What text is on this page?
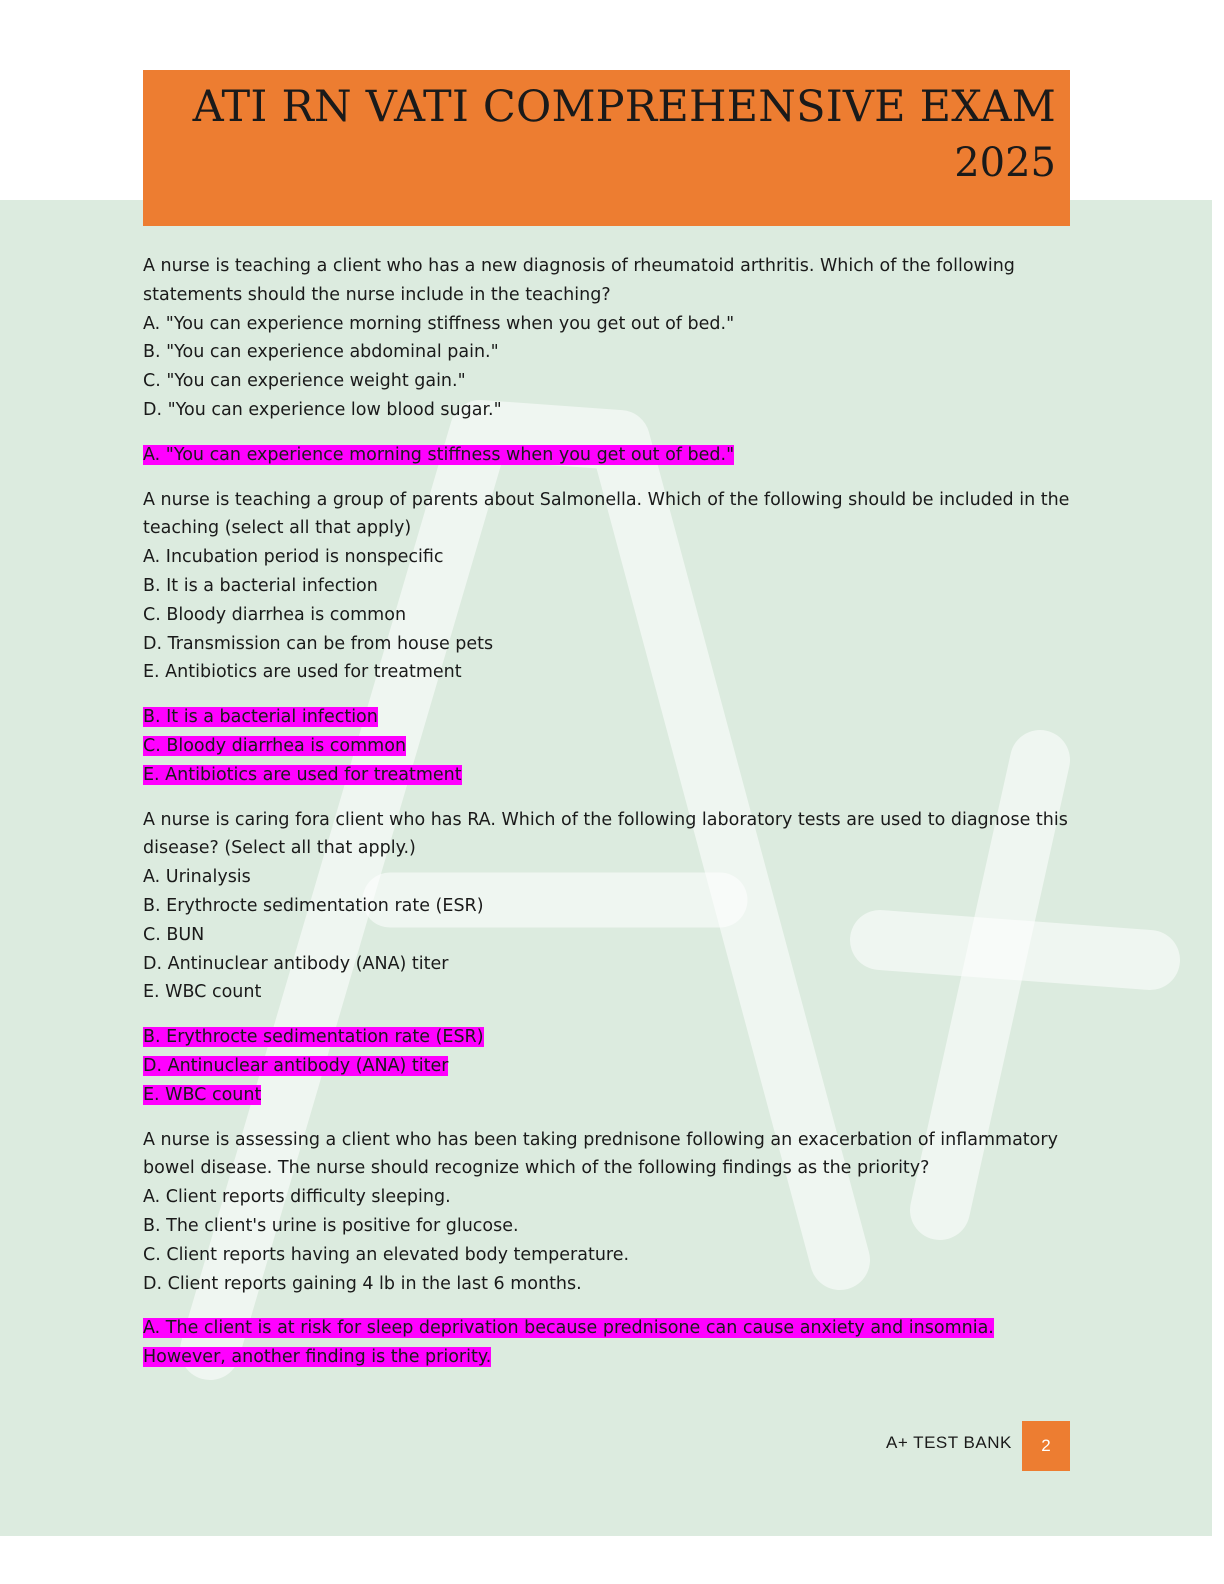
ATI RN VATI COMPREHENSIVE EXAM
2025

A nurse is teaching a client who has a new diagnosis of rheumatoid arthritis. Which of the following statements should the nurse include in the teaching?

A. "You can experience morning stiffness when you get out of bed."

B. "You can experience abdominal pain."

C. "You can experience weight gain."

D. "You can experience low blood sugar."

A. "You can experience morning stiffness when you get out of bed."

A nurse is teaching a group of parents about Salmonella. Which of the following should be included in the teaching (select all that apply)

A. Incubation period is nonspecific

B. It is a bacterial infection

C. Bloody diarrhea is common

D. Transmission can be from house pets

E. Antibiotics are used for treatment

B. It is a bacterial infection
C. Bloody diarrhea is common
E. Antibiotics are used for treatment

A nurse is caring fora client who has RA. Which of the following laboratory tests are used to diagnose this disease? (Select all that apply.)

A. Urinalysis

B. Erythrocte sedimentation rate (ESR)

C. BUN

D. Antinuclear antibody (ANA) titer

E. WBC count

B. Erythrocte sedimentation rate (ESR)
D. Antinuclear antibody (ANA) titer
E. WBC count

A nurse is assessing a client who has been taking prednisone following an exacerbation of inflammatory bowel disease. The nurse should recognize which of the following findings as the priority?

A. Client reports difficulty sleeping.

B. The client's urine is positive for glucose.

C. Client reports having an elevated body temperature.

D. Client reports gaining 4 lb in the last 6 months.

A. The client is at risk for sleep deprivation because prednisone can cause anxiety and insomnia. However, another finding is the priority.
A+ TEST BANK	2
